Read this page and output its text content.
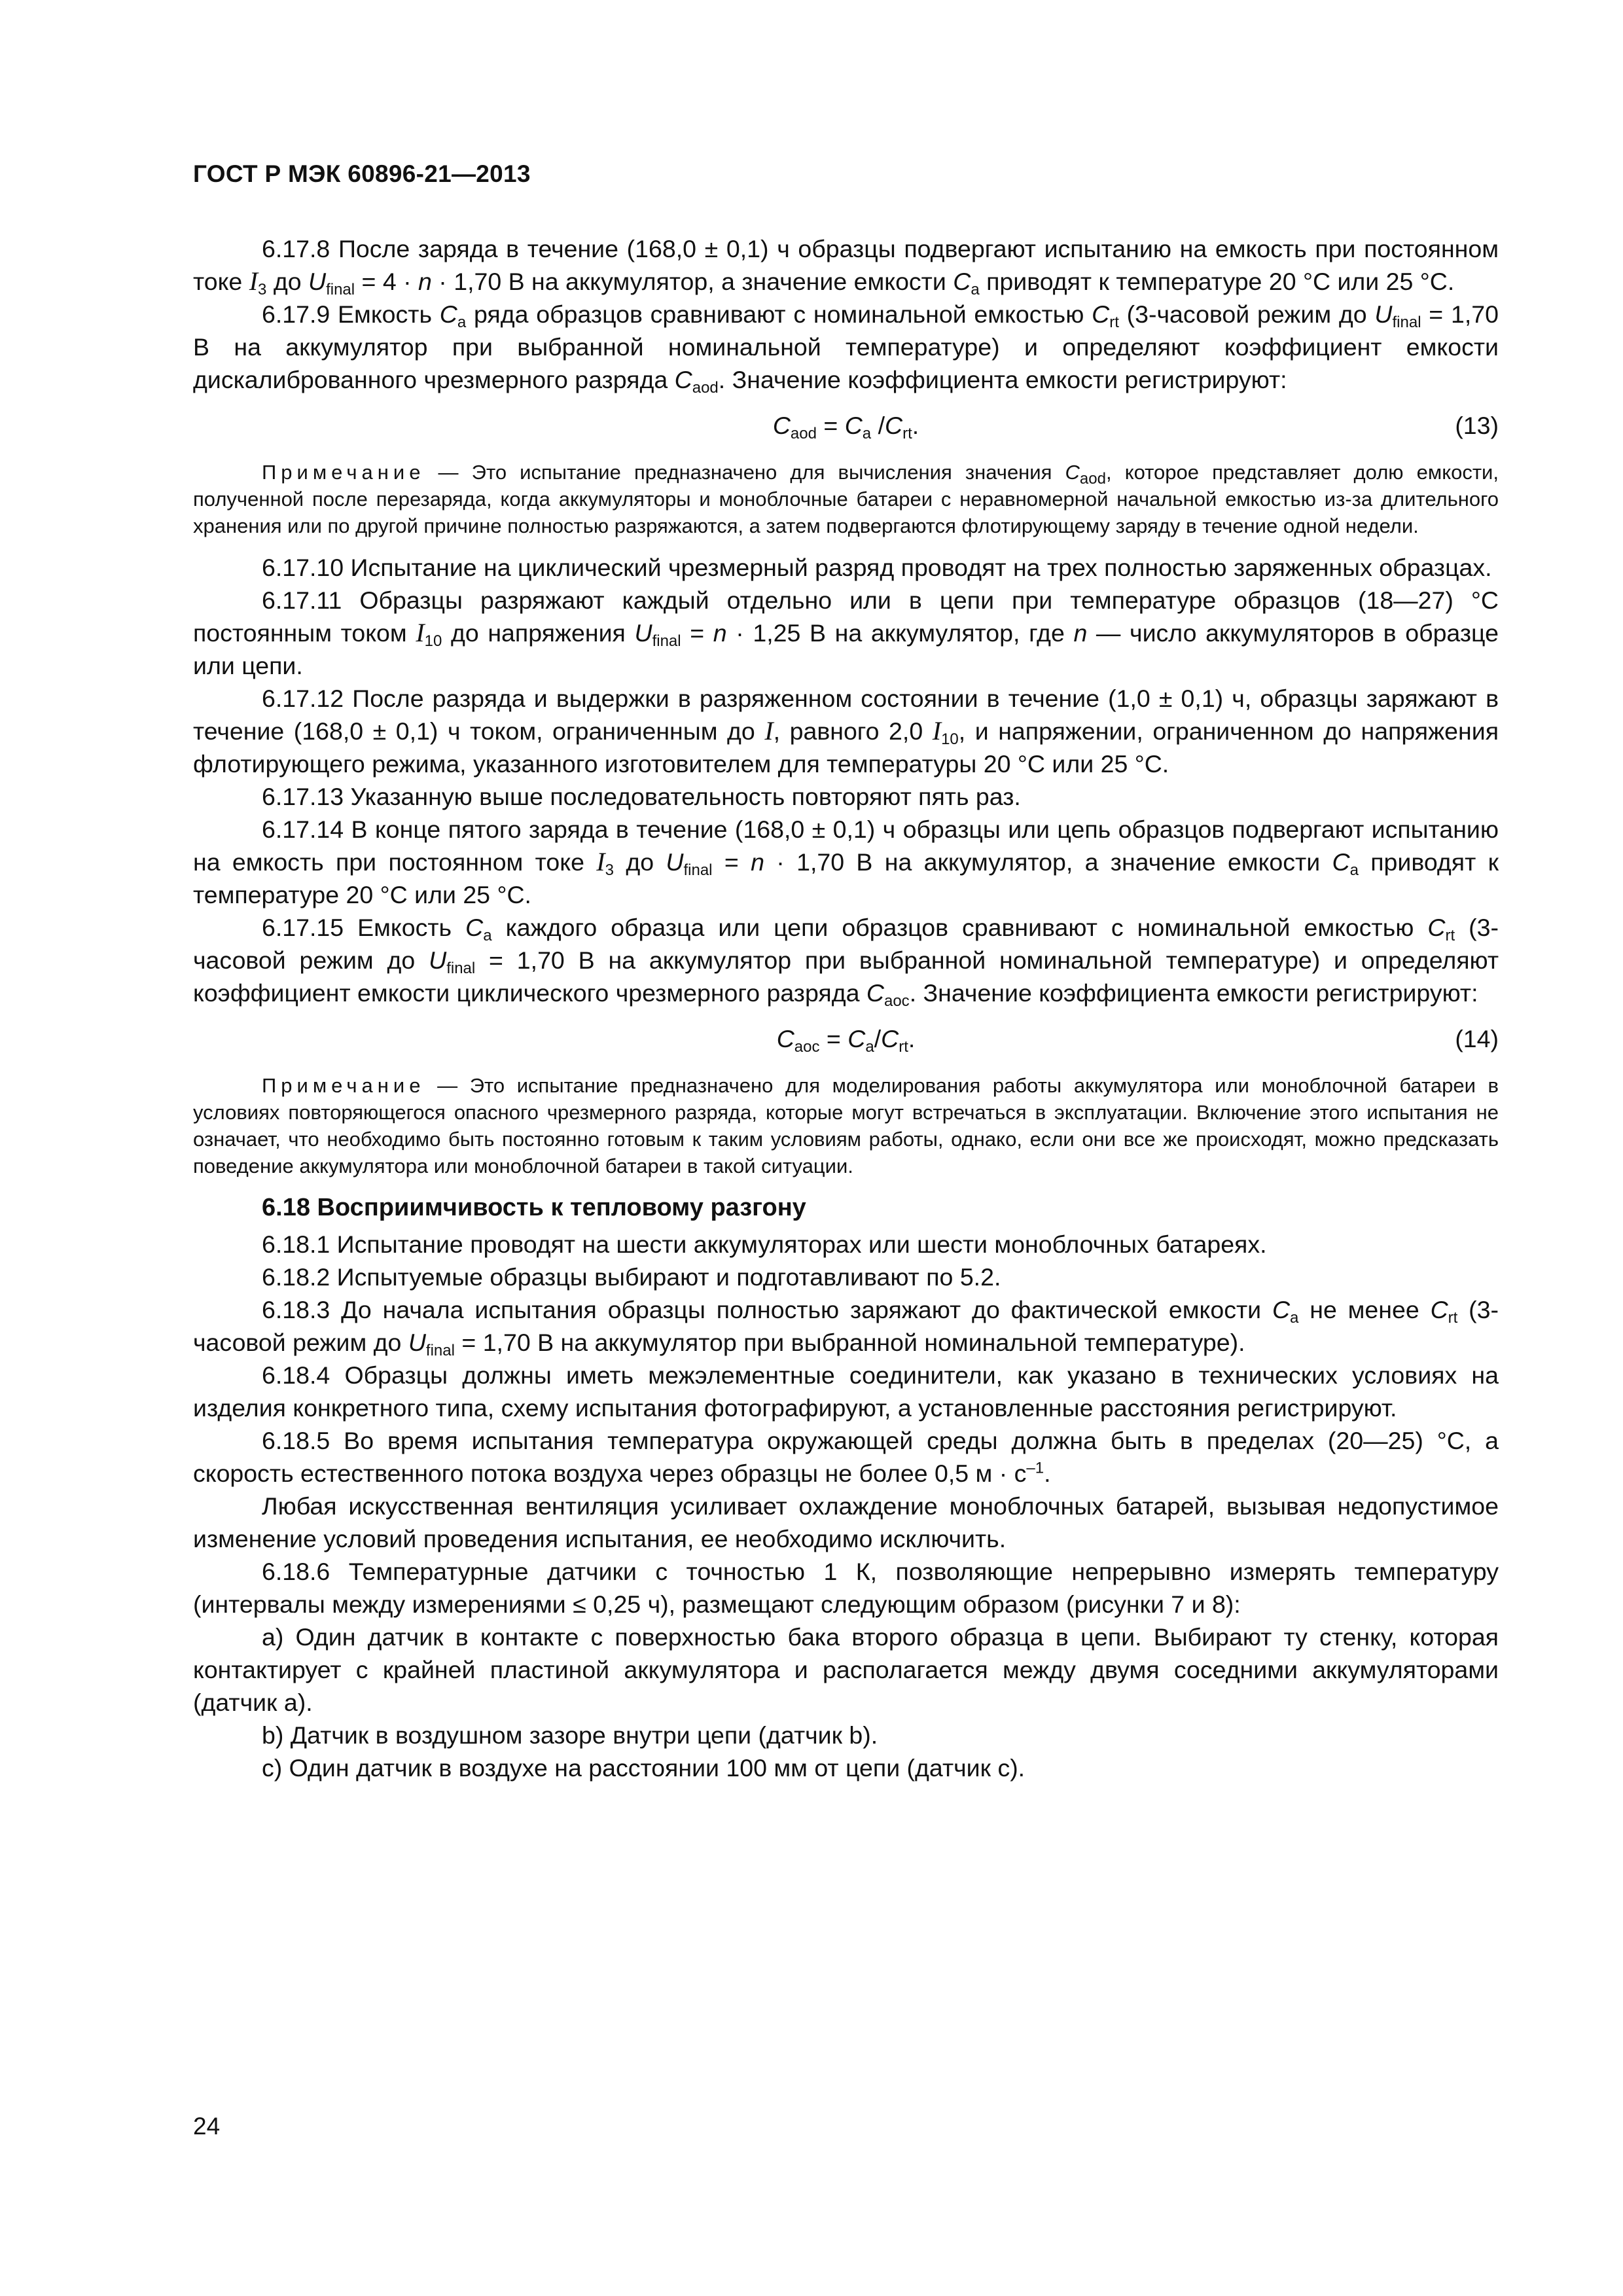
ГОСТ Р МЭК 60896-21—2013

6.17.8 После заряда в течение (168,0 ± 0,1) ч образцы подвергают испытанию на емкость при постоянном токе $I_3$ до $U_{final} = 4 \cdot n \cdot 1,70$ В на аккумулятор, а значение емкости $C_a$ приводят к температуре 20 °С или 25 °С.

6.17.9 Емкость $C_a$ ряда образцов сравнивают с номинальной емкостью $C_{rt}$ (3-часовой режим до $U_{final} = 1,70$ В на аккумулятор при выбранной номинальной температуре) и определяют коэффициент емкости дискалиброванного чрезмерного разряда $C_{aod}$. Значение коэффициента емкости регистрируют:

$C_{aod} = C_a$ $/C_{rt}$.	(13)

Примечание — Это испытание предназначено для вычисления значения $C_{aod}$, которое представляет долю емкости, полученной после перезаряда, когда аккумуляторы и моноблочные батареи с неравномерной начальной емкостью из-за длительного хранения или по другой причине полностью разряжаются, а затем подвергаются флотирующему заряду в течение одной недели.

6.17.10 Испытание на циклический чрезмерный разряд проводят на трех полностью заряженных образцах.

6.17.11 Образцы разряжают каждый отдельно или в цепи при температуре образцов (18—27) °С постоянным током $I_{10}$ до напряжения $U_{final} = n \cdot 1,25$ В на аккумулятор, где n — число аккумуляторов в образце или цепи.

6.17.12 После разряда и выдержки в разряженном состоянии в течение (1,0 ± 0,1) ч, образцы заряжают в течение (168,0 ± 0,1) ч током, ограниченным до I, равного 2,0 $I_{10}$, и напряжении, ограниченном до напряжения флотирующего режима, указанного изготовителем для температуры 20 °С или 25 °С.

6.17.13 Указанную выше последовательность повторяют пять раз.

6.17.14 В конце пятого заряда в течение (168,0 ± 0,1) ч образцы или цепь образцов подвергают испытанию на емкость при постоянном токе $I_3$ до $U_{final} = n \cdot 1,70$ В на аккумулятор, а значение емкости $C_a$ приводят к температуре 20 °С или 25 °С.

6.17.15 Емкость $C_a$ каждого образца или цепи образцов сравнивают с номинальной емкостью $C_{rt}$ (3-часовой режим до $U_{final} = 1,70$ В на аккумулятор при выбранной номинальной температуре) и определяют коэффициент емкости циклического чрезмерного разряда $C_{aoc}$. Значение коэффициента емкости регистрируют:

$C_{aoc} = C_a/C_{rt}$.	(14)

Примечание — Это испытание предназначено для моделирования работы аккумулятора или моноблочной батареи в условиях повторяющегося опасного чрезмерного разряда, которые могут встречаться в эксплуатации. Включение этого испытания не означает, что необходимо быть постоянно готовым к таким условиям работы, однако, если они все же происходят, можно предсказать поведение аккумулятора или моноблочной батареи в такой ситуации.

6.18 Восприимчивость к тепловому разгону

6.18.1 Испытание проводят на шести аккумуляторах или шести моноблочных батареях.

6.18.2 Испытуемые образцы выбирают и подготавливают по 5.2.

6.18.3 До начала испытания образцы полностью заряжают до фактической емкости $C_a$ не менее $C_{rt}$ (3-часовой режим до $U_{final} = 1,70$ В на аккумулятор при выбранной номинальной температуре).

6.18.4 Образцы должны иметь межэлементные соединители, как указано в технических условиях на изделия конкретного типа, схему испытания фотографируют, а установленные расстояния регистрируют.

6.18.5 Во время испытания температура окружающей среды должна быть в пределах (20—25) °С, а скорость естественного потока воздуха через образцы не более 0,5 $м \cdot с^{-1}$.

Любая искусственная вентиляция усиливает охлаждение моноблочных батарей, вызывая недопустимое изменение условий проведения испытания, ее необходимо исключить.

6.18.6 Температурные датчики с точностью 1 К, позволяющие непрерывно измерять температуру (интервалы между измерениями ≤ 0,25 ч), размещают следующим образом (рисунки 7 и 8):

a) Один датчик в контакте с поверхностью бака второго образца в цепи. Выбирают ту стенку, которая контактирует с крайней пластиной аккумулятора и располагается между двумя соседними аккумуляторами (датчик а).

b) Датчик в воздушном зазоре внутри цепи (датчик b).

c) Один датчик в воздухе на расстоянии 100 мм от цепи (датчик с).

24
